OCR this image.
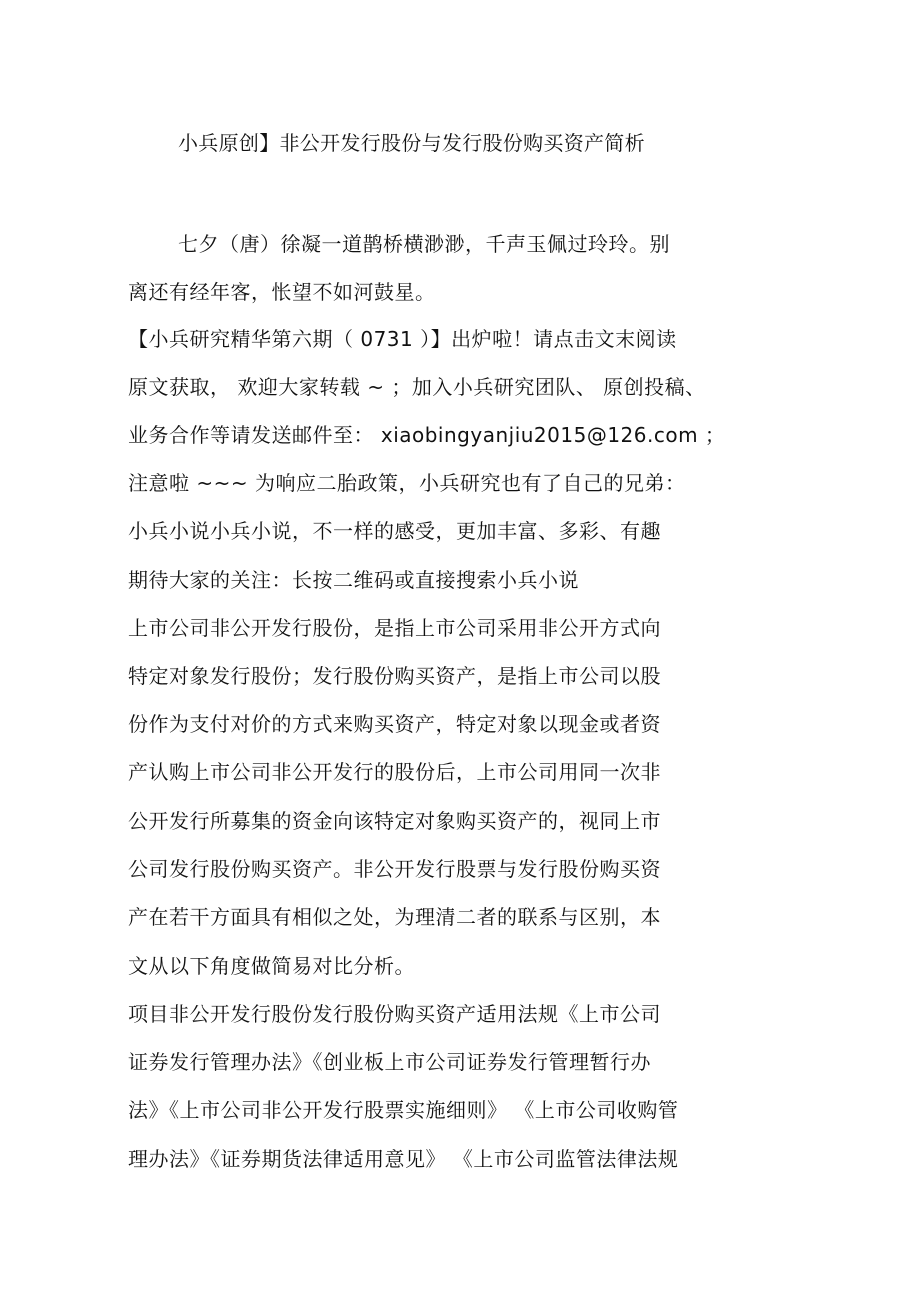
小兵原创】非公开发行股份与发行股份购买资产简析
七夕（唐）徐凝一道鹊桥横渺渺，千声玉佩过玲玲。别
离还有经年客，怅望不如河鼓星。
【小兵研究精华第六期（ 0731 ）】出炉啦！请点击文末阅读
原文获取， 欢迎大家转载 ~ ；加入小兵研究团队、 原创投稿、
业务合作等请发送邮件至： xiaobingyanjiu2015@126.com ；
注意啦 ~~~ 为响应二胎政策，小兵研究也有了自己的兄弟：
小兵小说小兵小说，不一样的感受，更加丰富、多彩、有趣
期待大家的关注：长按二维码或直接搜索小兵小说
上市公司非公开发行股份，是指上市公司采用非公开方式向
特定对象发行股份；发行股份购买资产，是指上市公司以股
份作为支付对价的方式来购买资产，特定对象以现金或者资
产认购上市公司非公开发行的股份后，上市公司用同一次非
公开发行所募集的资金向该特定对象购买资产的，视同上市
公司发行股份购买资产。非公开发行股票与发行股份购买资
产在若干方面具有相似之处，为理清二者的联系与区别，本
文从以下角度做简易对比分析。
项目非公开发行股份发行股份购买资产适用法规《上市公司
证券发行管理办法》《创业板上市公司证券发行管理暂行办
法》《上市公司非公开发行股票实施细则》 《上市公司收购管
理办法》《证券期货法律适用意见》 《上市公司监管法律法规
